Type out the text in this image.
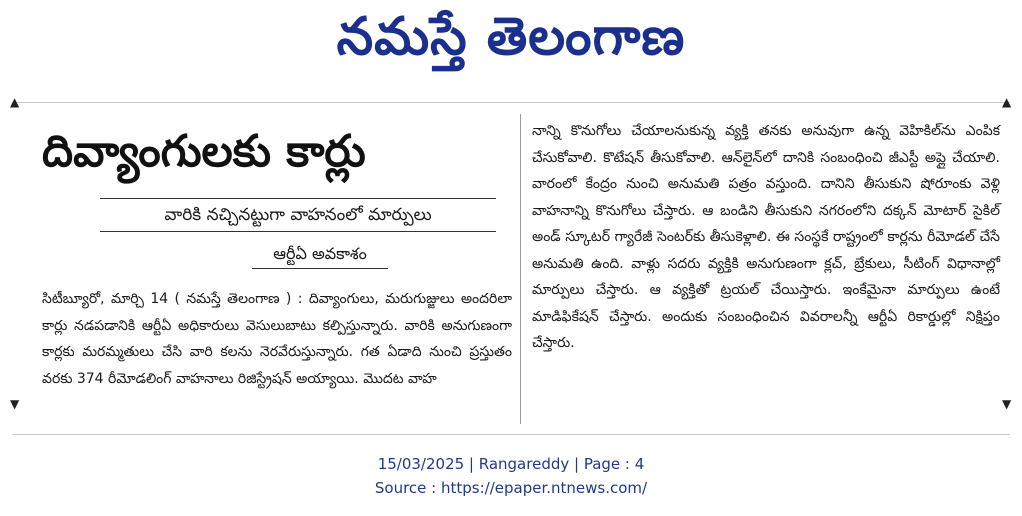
నమస్తే తెలంగాణ
▲	▲
▼	▼
దివ్యాంగులకు కార్లు
వారికి నచ్చినట్టుగా వాహనంలో మార్పులు
ఆర్టీఏ అవకాశం

సిటీబ్యూరో, మార్చి 14 ( నమస్తే తెలంగాణ ) : దివ్యాంగులు, మరుగుజ్జులు అందరిలా కార్లు నడపడానికి ఆర్టీఏ అధికారులు వెసులుబాటు కల్పిస్తున్నారు. వారికి అనుగుణంగా కార్లకు మరమ్మతులు చేసి వారి కలను నెరవేరుస్తున్నారు. గత ఏడాది నుంచి ప్రస్తుతం వరకు 374 రీమోడలింగ్ వాహనాలు రిజిస్ట్రేషన్ అయ్యాయి. మొదట వాహ

నాన్ని కొనుగోలు చేయాలనుకున్న వ్యక్తి తనకు అనువుగా ఉన్న వెహికిల్‌ను ఎంపిక చేసుకోవాలి. కొటేషన్ తీసుకోవాలి. ఆన్‌లైన్‌లో దానికి సంబంధించి జీఎస్టీ అప్లై చేయాలి. వారంలో కేంద్రం నుంచి అనుమతి పత్రం వస్తుంది. దానిని తీసుకుని షోరూంకు వెళ్లి వాహనాన్ని కొనుగోలు చేస్తారు. ఆ బండిని తీసుకుని నగరంలోని దక్కన్ మోటార్ సైకిల్ అండ్ స్కూటర్ గ్యారేజీ సెంటర్‌కు తీసుకెళ్లాలి. ఈ సంస్థకే రాష్ట్రంలో కార్లను రీమోడల్ చేసే అనుమతి ఉంది. వాళ్లు సదరు వ్యక్తికి అనుగుణంగా క్లచ్, బ్రేకులు, సీటింగ్ విధానాల్లో మార్పులు చేస్తారు. ఆ వ్యక్తితో ట్రయల్ చేయిస్తారు. ఇంకేమైనా మార్పులు ఉంటే మాడిఫికేషన్ చేస్తారు. అందుకు సంబంధించిన వివరాలన్నీ ఆర్టీఏ రికార్డుల్లో నిక్షిప్తం చేస్తారు.

15/03/2025 | Rangareddy | Page : 4
Source : https://epaper.ntnews.com/
